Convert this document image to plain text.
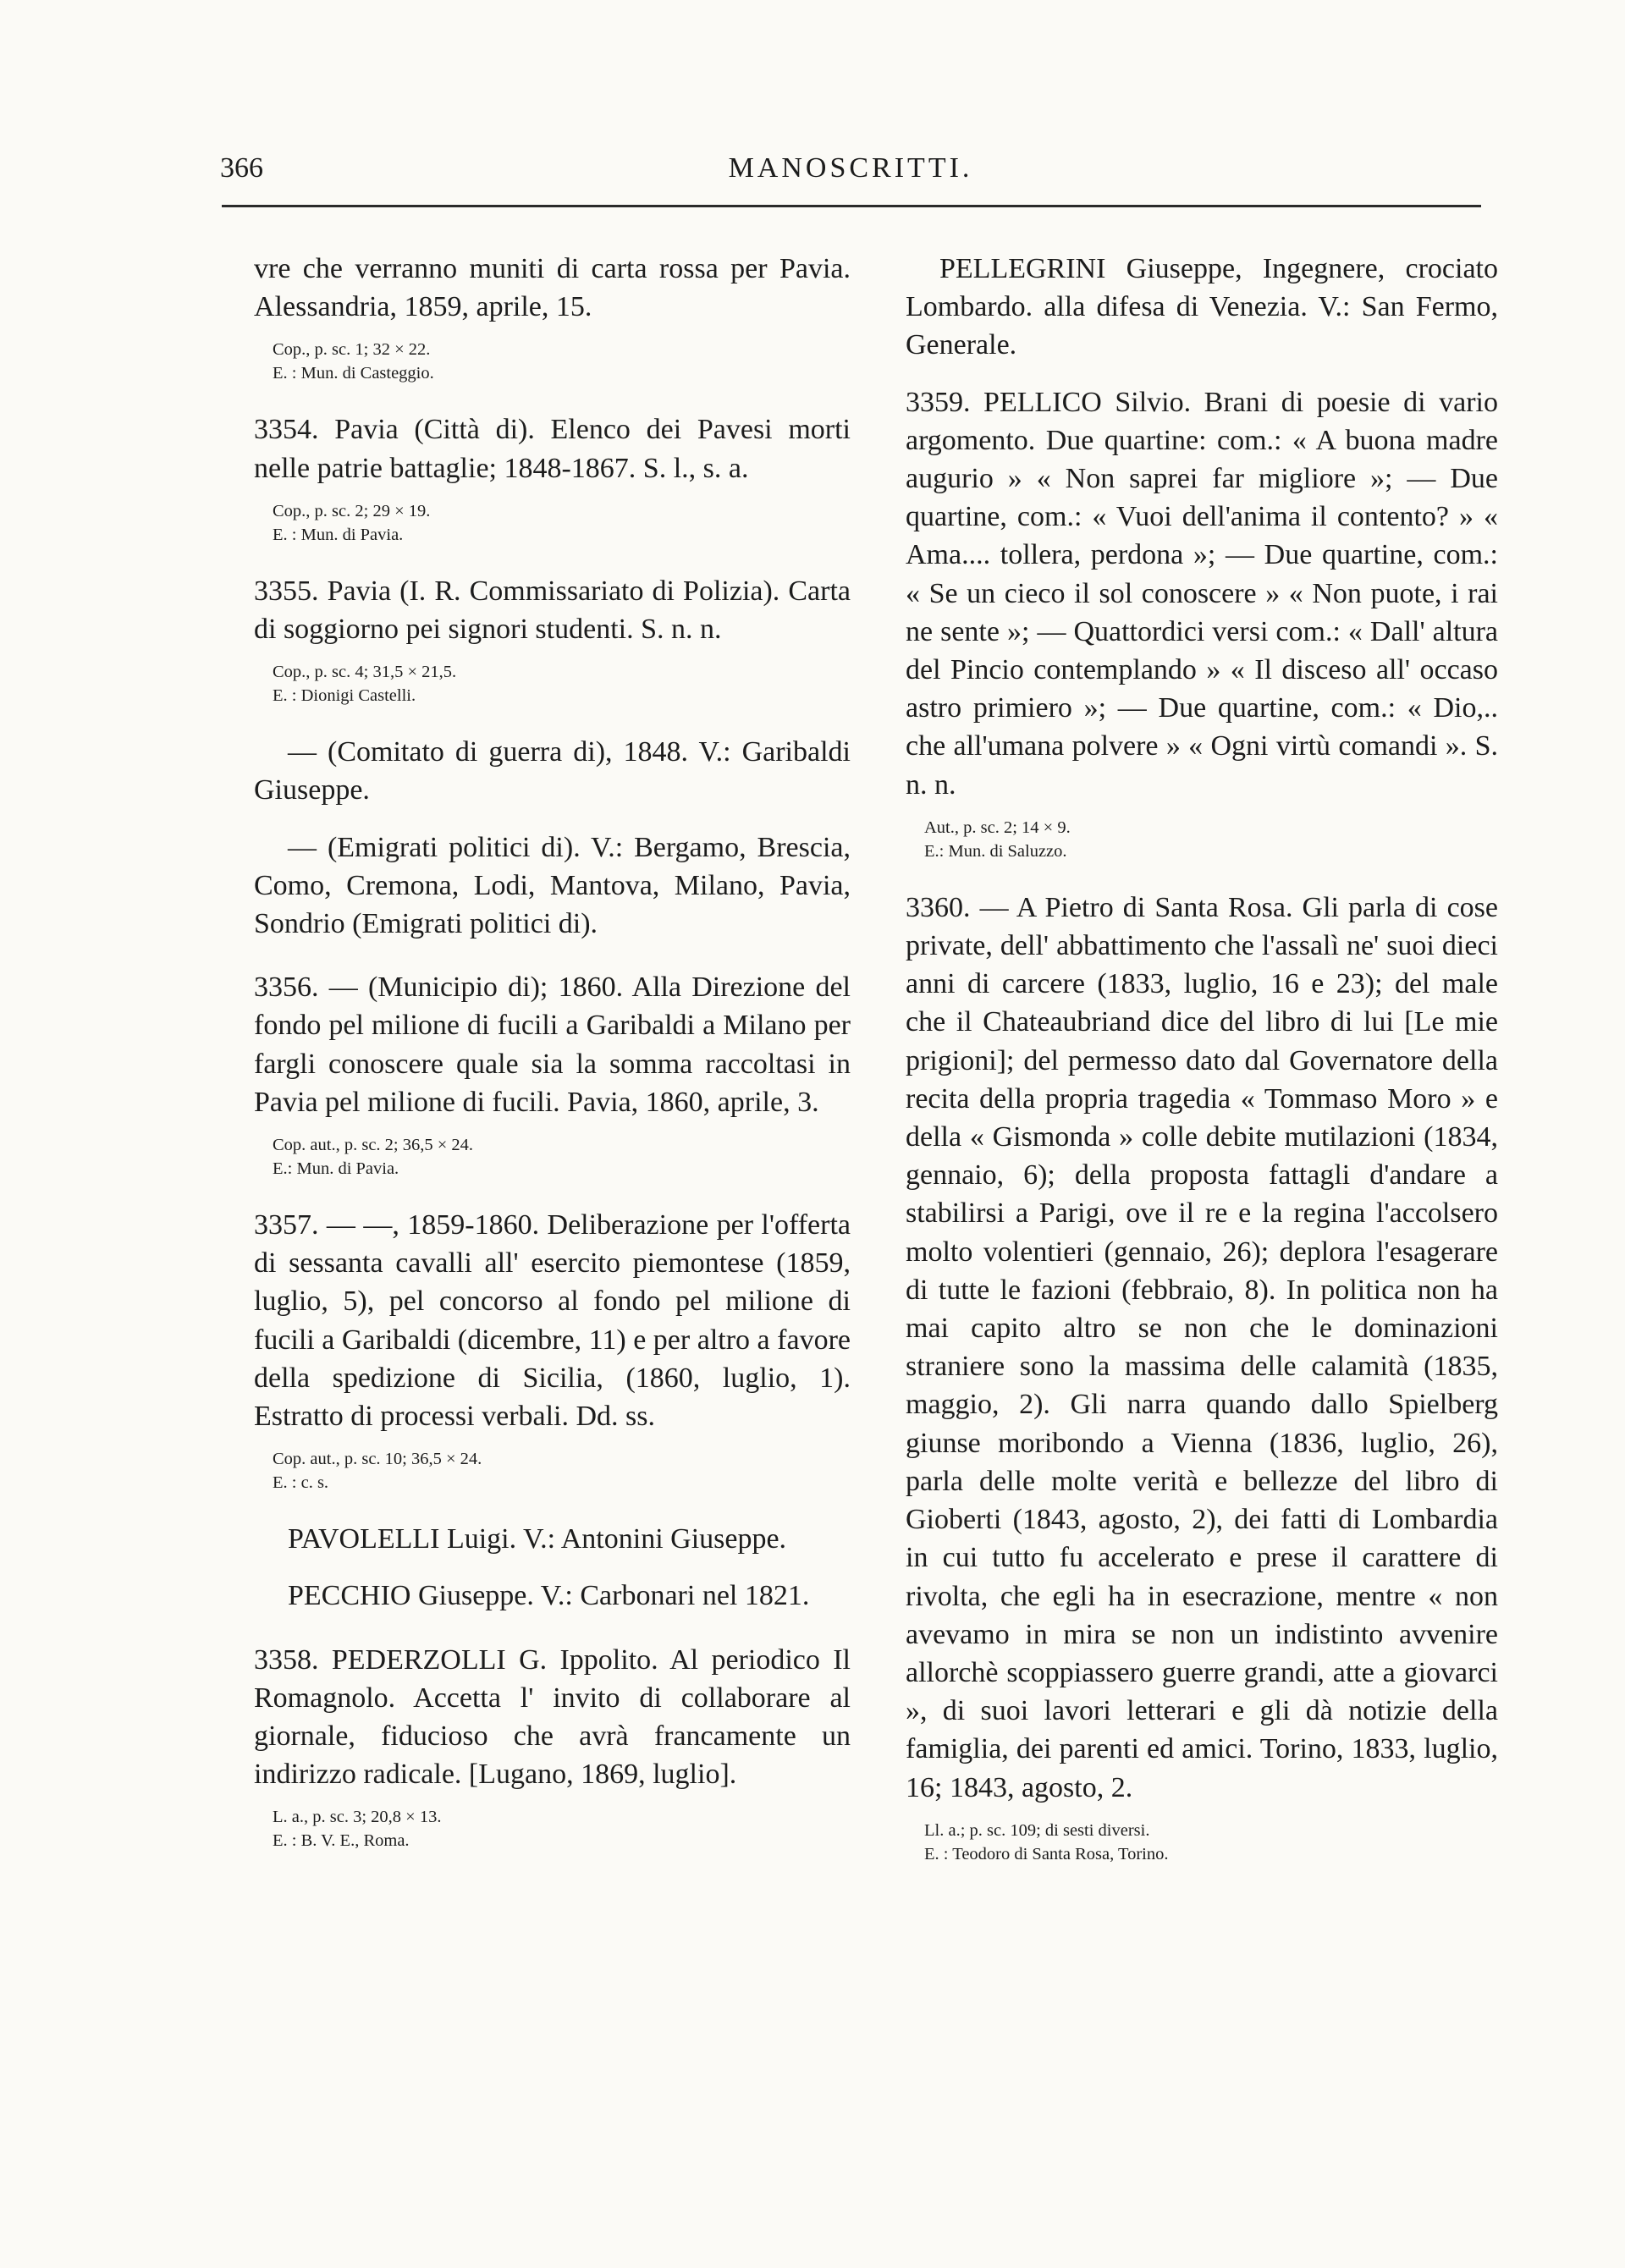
366	MANOSCRITTI.

vre che verranno muniti di carta rossa per Pavia. Alessandria, 1859, aprile, 15.

Cop., p. sc. 1; 32 × 22.

E. : Mun. di Casteggio.

3354. Pavia (Città di). Elenco dei Pavesi morti nelle patrie battaglie; 1848-1867. S. l., s. a.

Cop., p. sc. 2; 29 × 19.

E. : Mun. di Pavia.

3355. Pavia (I. R. Commissariato di Polizia). Carta di soggiorno pei signori studenti. S. n. n.

Cop., p. sc. 4; 31,5 × 21,5.

E. : Dionigi Castelli.

— (Comitato di guerra di), 1848. V.: Garibaldi Giuseppe.

— (Emigrati politici di). V.: Bergamo, Brescia, Como, Cremona, Lodi, Mantova, Milano, Pavia, Sondrio (Emigrati politici di).

3356. — (Municipio di); 1860. Alla Direzione del fondo pel milione di fucili a Garibaldi a Milano per fargli conoscere quale sia la somma raccoltasi in Pavia pel milione di fucili. Pavia, 1860, aprile, 3.

Cop. aut., p. sc. 2; 36,5 × 24.

E.: Mun. di Pavia.

3357. — —, 1859-1860. Deliberazione per l'offerta di sessanta cavalli all' esercito piemontese (1859, luglio, 5), pel concorso al fondo pel milione di fucili a Garibaldi (dicembre, 11) e per altro a favore della spedizione di Sicilia, (1860, luglio, 1). Estratto di processi verbali. Dd. ss.

Cop. aut., p. sc. 10; 36,5 × 24.

E. : c. s.

PAVOLELLI Luigi. V.: Antonini Giuseppe.

PECCHIO Giuseppe. V.: Carbonari nel 1821.

3358. PEDERZOLLI G. Ippolito. Al periodico Il Romagnolo. Accetta l' invito di collaborare al giornale, fiducioso che avrà francamente un indirizzo radicale. [Lugano, 1869, luglio].

L. a., p. sc. 3; 20,8 × 13.

E. : B. V. E., Roma.

PELLEGRINI Giuseppe, Ingegnere, crociato Lombardo. alla difesa di Venezia. V.: San Fermo, Generale.

3359. PELLICO Silvio. Brani di poesie di vario argomento. Due quartine: com.: « A buona madre augurio » « Non saprei far migliore »; — Due quartine, com.: « Vuoi dell'anima il contento? » « Ama.... tollera, perdona »; — Due quartine, com.: « Se un cieco il sol conoscere » « Non puote, i rai ne sente »; — Quattordici versi com.: « Dall' altura del Pincio contemplando » « Il disceso all' occaso astro primiero »; — Due quartine, com.: « Dio,.. che all'umana polvere » « Ogni virtù comandi ». S. n. n.

Aut., p. sc. 2; 14 × 9.

E.: Mun. di Saluzzo.

3360. — A Pietro di Santa Rosa. Gli parla di cose private, dell' abbattimento che l'assalì ne' suoi dieci anni di carcere (1833, luglio, 16 e 23); del male che il Chateaubriand dice del libro di lui [Le mie prigioni]; del permesso dato dal Governatore della recita della propria tragedia « Tommaso Moro » e della « Gismonda » colle debite mutilazioni (1834, gennaio, 6); della proposta fattagli d'andare a stabilirsi a Parigi, ove il re e la regina l'accolsero molto volentieri (gennaio, 26); deplora l'esagerare di tutte le fazioni (febbraio, 8). In politica non ha mai capito altro se non che le dominazioni straniere sono la massima delle calamità (1835, maggio, 2). Gli narra quando dallo Spielberg giunse moribondo a Vienna (1836, luglio, 26), parla delle molte verità e bellezze del libro di Gioberti (1843, agosto, 2), dei fatti di Lombardia in cui tutto fu accelerato e prese il carattere di rivolta, che egli ha in esecrazione, mentre « non avevamo in mira se non un indistinto avvenire allorchè scoppiassero guerre grandi, atte a giovarci », di suoi lavori letterari e gli dà notizie della famiglia, dei parenti ed amici. Torino, 1833, luglio, 16; 1843, agosto, 2.

Ll. a.; p. sc. 109; di sesti diversi.

E. : Teodoro di Santa Rosa, Torino.
